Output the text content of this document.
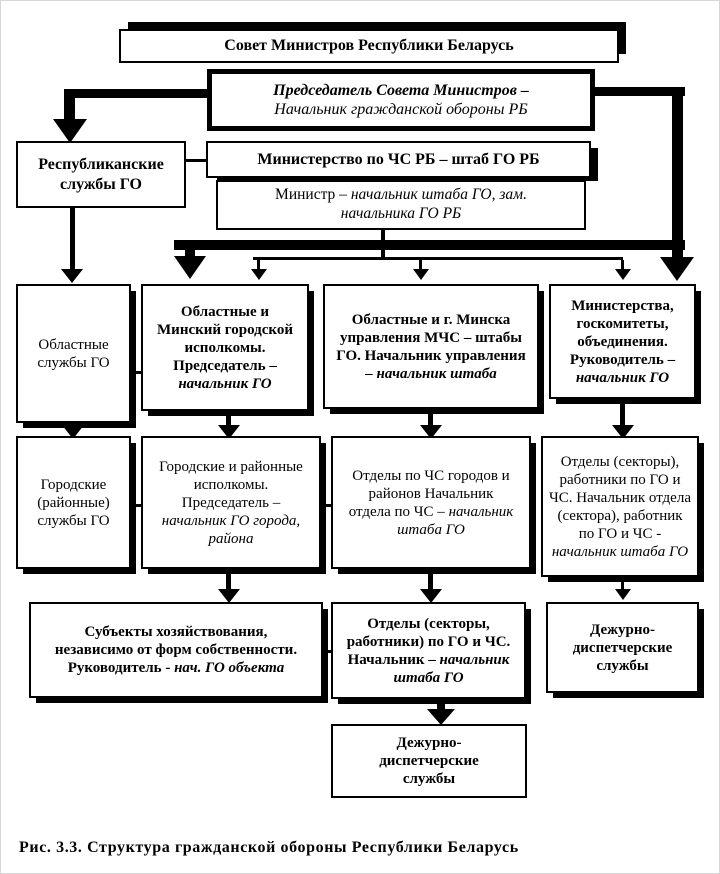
Совет Министров Республики Беларусь

Председатель Совета Министров –

Начальник гражданской обороны РБ

Республиканские службы ГО

Министерство по ЧС РБ – штаб ГО РБ

Министр – начальник штаба ГО, зам. начальника ГО РБ

Областные службы ГО

Областные и Минский городской исполкомы. Председатель – начальник ГО

Областные и г. Минска управления МЧС – штабы ГО. Начальник управления – начальник штаба

Министерства, госкомитеты, объединения. Руководитель – начальник ГО

Городские (районные) службы ГО

Городские и районные исполкомы. Председатель – начальник ГО города, района

Отделы по ЧС городов и районов Начальник отдела по ЧС – начальник штаба ГО

Отделы (секторы), работники по ГО и ЧС. Начальник отдела (сектора), работник по ГО и ЧС - начальник штаба ГО

Субъекты хозяйствования, независимо от форм собственности. Руководитель - нач. ГО объекта

Отделы (секторы, работники) по ГО и ЧС. Начальник – начальник штаба ГО

Дежурно-диспетчерские службы

Дежурно-диспетчерские службы

Рис. 3.3. Структура гражданской обороны Республики Беларусь
